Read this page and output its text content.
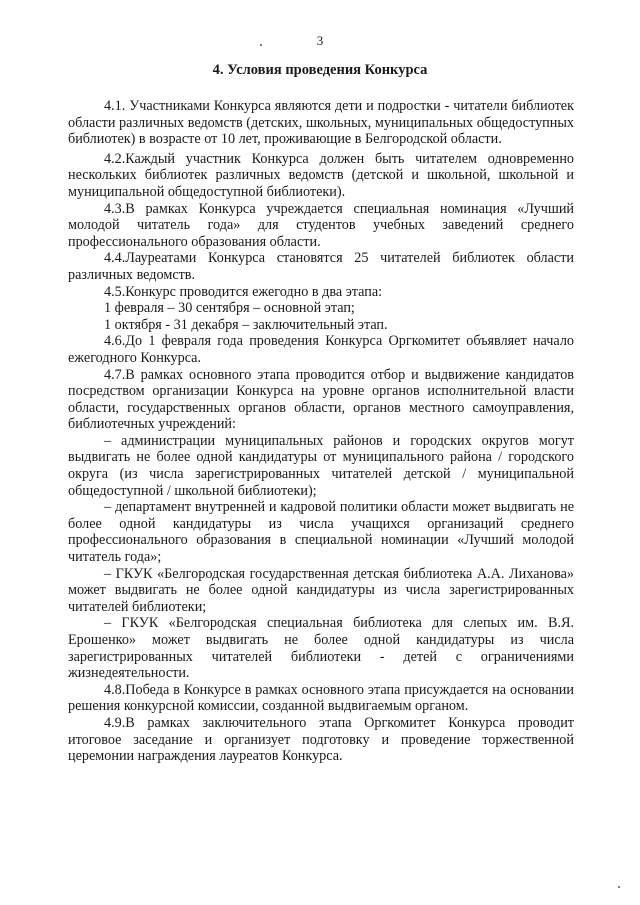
3
4. Условия проведения Конкурса

4.1. Участниками Конкурса являются дети и подростки - читатели библиотек области различных ведомств (детских, школьных, муниципальных общедоступных библиотек) в возрасте от 10 лет, проживающие в Белгородской области.

4.2.Каждый участник Конкурса должен быть читателем одновременно нескольких библиотек различных ведомств (детской и школьной, школьной и муниципальной общедоступной библиотеки).

4.3.В рамках Конкурса учреждается специальная номинация «Лучший молодой читатель года» для студентов учебных заведений среднего профессионального образования области.

4.4.Лауреатами Конкурса становятся 25 читателей библиотек области различных ведомств.

4.5.Конкурс проводится ежегодно в два этапа:

1 февраля – 30 сентября – основной этап;

1 октября - 31 декабря – заключительный этап.

4.6.До 1 февраля года проведения Конкурса Оргкомитет объявляет начало ежегодного Конкурса.

4.7.В рамках основного этапа проводится отбор и выдвижение кандидатов посредством организации Конкурса на уровне органов исполнительной власти области, государственных органов области, органов местного самоуправления, библиотечных учреждений:

– администрации муниципальных районов и городских округов могут выдвигать не более одной кандидатуры от муниципального района / городского округа (из числа зарегистрированных читателей детской / муниципальной общедоступной / школьной библиотеки);

– департамент внутренней и кадровой политики области может выдвигать не более одной кандидатуры из числа учащихся организаций среднего профессионального образования в специальной номинации «Лучший молодой читатель года»;

– ГКУК «Белгородская государственная детская библиотека А.А. Лиханова» может выдвигать не более одной кандидатуры из числа зарегистрированных читателей библиотеки;

– ГКУК «Белгородская специальная библиотека для слепых им. В.Я. Ерошенко» может выдвигать не более одной кандидатуры из числа зарегистрированных читателей библиотеки - детей с ограничениями жизнедеятельности.

4.8.Победа в Конкурсе в рамках основного этапа присуждается на основании решения конкурсной комиссии, созданной выдвигаемым органом.

4.9.В рамках заключительного этапа Оргкомитет Конкурса проводит итоговое заседание и организует подготовку и проведение торжественной церемонии награждения лауреатов Конкурса.
